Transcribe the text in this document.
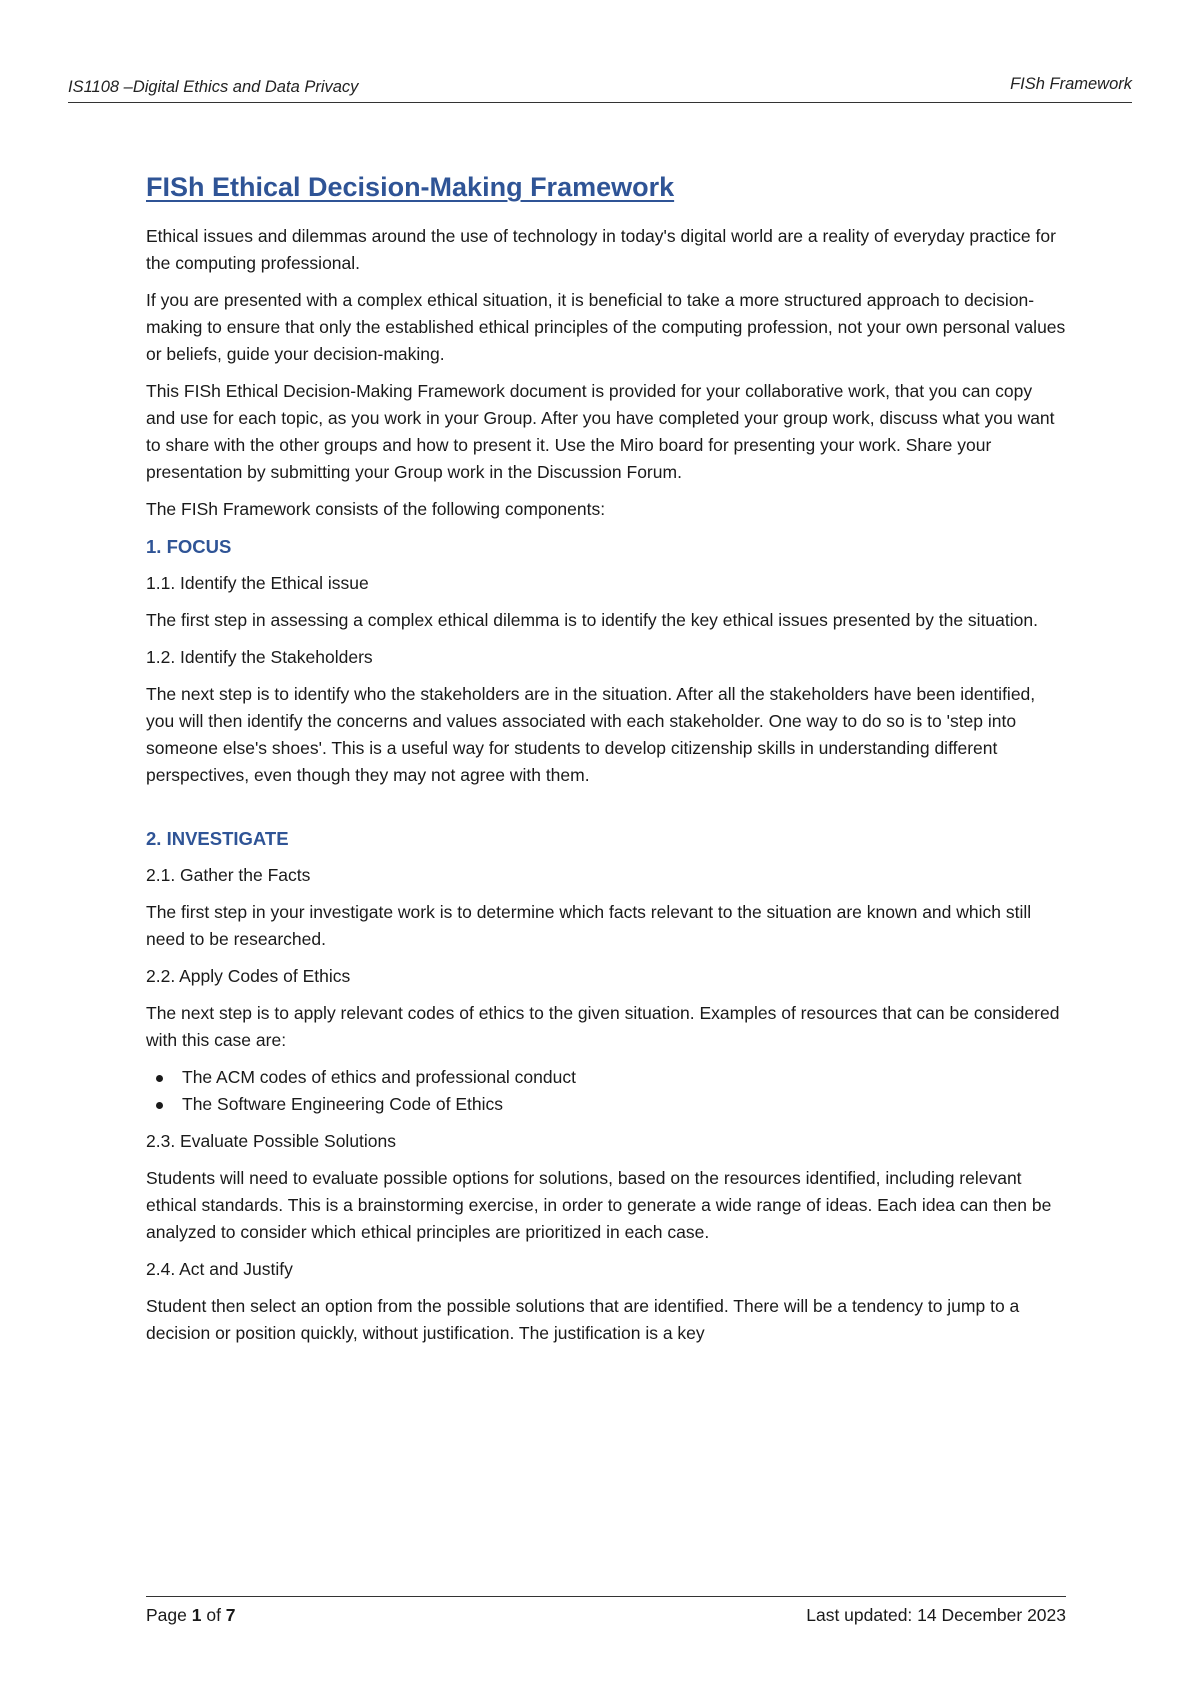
IS1108 –Digital Ethics and Data Privacy	FISh Framework
FISh Ethical Decision-Making Framework

Ethical issues and dilemmas around the use of technology in today's digital world are a reality of everyday practice for the computing professional.

If you are presented with a complex ethical situation, it is beneficial to take a more structured approach to decision-making to ensure that only the established ethical principles of the computing profession, not your own personal values or beliefs, guide your decision-making.

This FISh Ethical Decision-Making Framework document is provided for your collaborative work, that you can copy and use for each topic, as you work in your Group. After you have completed your group work, discuss what you want to share with the other groups and how to present it. Use the Miro board for presenting your work. Share your presentation by submitting your Group work in the Discussion Forum.

The FISh Framework consists of the following components:

1. FOCUS
1.1. Identify the Ethical issue

The first step in assessing a complex ethical dilemma is to identify the key ethical issues presented by the situation.

1.2. Identify the Stakeholders

The next step is to identify who the stakeholders are in the situation. After all the stakeholders have been identified, you will then identify the concerns and values associated with each stakeholder. One way to do so is to 'step into someone else's shoes'. This is a useful way for students to develop citizenship skills in understanding different perspectives, even though they may not agree with them.

2. INVESTIGATE
2.1. Gather the Facts

The first step in your investigate work is to determine which facts relevant to the situation are known and which still need to be researched.

2.2. Apply Codes of Ethics

The next step is to apply relevant codes of ethics to the given situation. Examples of resources that can be considered with this case are:

The ACM codes of ethics and professional conduct
The Software Engineering Code of Ethics
2.3. Evaluate Possible Solutions

Students will need to evaluate possible options for solutions, based on the resources identified, including relevant ethical standards. This is a brainstorming exercise, in order to generate a wide range of ideas. Each idea can then be analyzed to consider which ethical principles are prioritized in each case.

2.4. Act and Justify

Student then select an option from the possible solutions that are identified. There will be a tendency to jump to a decision or position quickly, without justification. The justification is a key

Page 1 of 7	Last updated: 14 December 2023
